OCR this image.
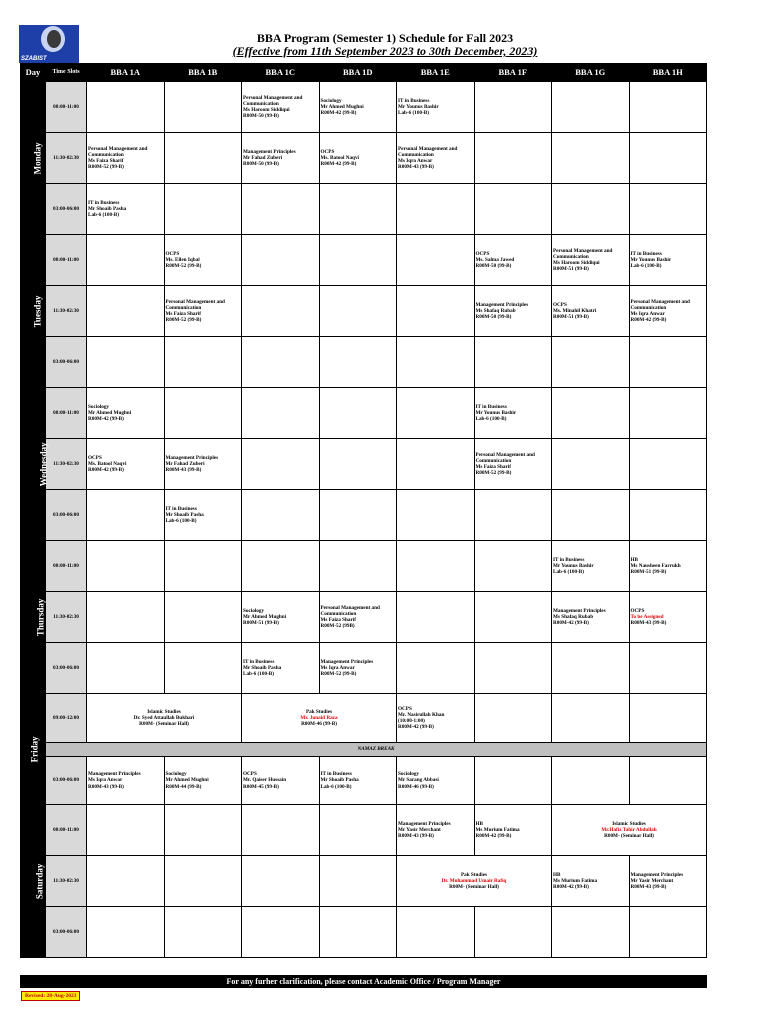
SZABIST
BBA Program (Semester 1) Schedule for Fall 2023
(Effective from 11th September 2023 to 30th December, 2023)
Day	Time Slots	BBA 1A	BBA 1B	BBA 1C	BBA 1D	BBA 1E	BBA 1F	BBA 1G	BBA 1H
Monday	08:00-11:00			Personal Management and Communication
Ms Haroom Siddiqui
R00M-50 (99-B)	Sociology
Mr Ahmed Mughni
R00M-42 (99-B)	IT in Business
Mr Younus Bashir
Lab-6 (100-B)			

	11:30-02:30	Personal Management and Communication
Ms Faiza Sharif
R00M-52 (99-B)		Management Principles
Mr Fahad Zuberi
R00M-50 (99-B)	OCPS
Ms. Batool Naqvi
R00M-42 (99-B)	Personal Management and Communication
Ms Iqra Anwar
R00M-43 (99-B)			

	03:00-06:00	IT in Business
Mr Shoaib Pasha
Lab-6 (100-B)							

Tuesday	08:00-11:00		OCPS
Ms. Ellen Iqbal
R00M-52 (99-B)				OCPS
Ms. Salma Jawed
R00M-50 (99-B)	Personal Management and Communication
Ms Haroom Siddiqui
R00M-51 (99-B)	IT in Business
Mr Younus Bashir
Lab-6 (100-B)

	11:30-02:30		Personal Management and Communication
Ms Faiza Sharif
R00M-52 (99-B)				Management Principles
Ms Shafaq Rubab
R00M-50 (99-B)	OCPS
Ms. Minahil Khatri
R00M-51 (99-B)	Personal Management and Communication
Ms Iqra Anwar
R00M-42 (99-B)

	03:00-06:00								
Wednesday	08:00-11:00	Sociology
Mr Ahmed Mughni
R00M-42 (99-B)					IT in Business
Mr Younus Bashir
Lab-6 (100-B)		

	11:30-02:30	OCPS
Ms. Batool Naqvi
R00M-42 (99-B)	Management Principles
Mr Fahad Zuberi
R00M-43 (99-B)				Personal Management and Communication
Ms Faiza Sharif
R00M-52 (99-B)		

	03:00-06:00		IT in Business
Mr Shoaib Pasha
Lab-6 (100-B)						

Thursday	08:00-11:00							IT in Business
Mr Younus Bashir
Lab-6 (100-B)	HB
Ms Nausheen Farrukh
R00M-51 (99-B)

	11:30-02:30			Sociology
Mr Ahmed Mughni
R00M-51 (99-B)	Personal Management and Communication
Ms Faiza Sharif
R00M-52 (99B)			Management Principles
Ms Shafaq Rubab
R00M-42 (99-B)	OCPS
To be Assigned
R00M-43 (99-B)

	03:00-06:00			IT in Business
Mr Shoaib Pasha
Lab-6 (100-B)	Management Principles
Ms Iqra Anwar
R00M-52 (99-B)				

Friday	09:00-12:00	Islamic Studies
Dr. Syed Attaullah Bukhari
R00M- (Seminar Hall)		Pak Studies
Mr. Junaid Raza
R00M-46 (99-B)		OCPS
Mr. Nasirullah Khan
(10:00-1:00)
R00M-42 (99-B)			

	NAMAZ BREAK								
	03:00-06:00	Management Principles
Ms Iqra Anwar
R00M-43 (99-B)	Sociology
Mr Ahmed Mughni
R00M-44 (99-B)	OCPS
Mr. Qaiser Hussain
R00M-45 (99-B)	IT in Business
Mr Shoaib Pasha
Lab-6 (100-B)	Sociology
Mr Sarang Abbasi
R00M-46 (99-B)			

Saturday	08:00-11:00					Management Principles
Mr Yasir Merchant
R00M-43 (99-B)	HB
Ms Murium Fatima
R00M-42 (99-B)	Islamic Studies
Mr.Hafiz Tahir Abdullah
R00M- (Seminar Hall)	

	11:30-02:30					Pak Studies
Dr. Muhammad Umair Rafiq
R00M- (Seminar Hall)		HB
Ms Murium Fatima
R00M-42 (99-B)	Management Principles
Mr Yasir Merchant
R00M-43 (99-B)

	03:00-06:00								
For any furher clarification, please contact Academic Office / Program Manager
Revised: 28-Aug-2023
